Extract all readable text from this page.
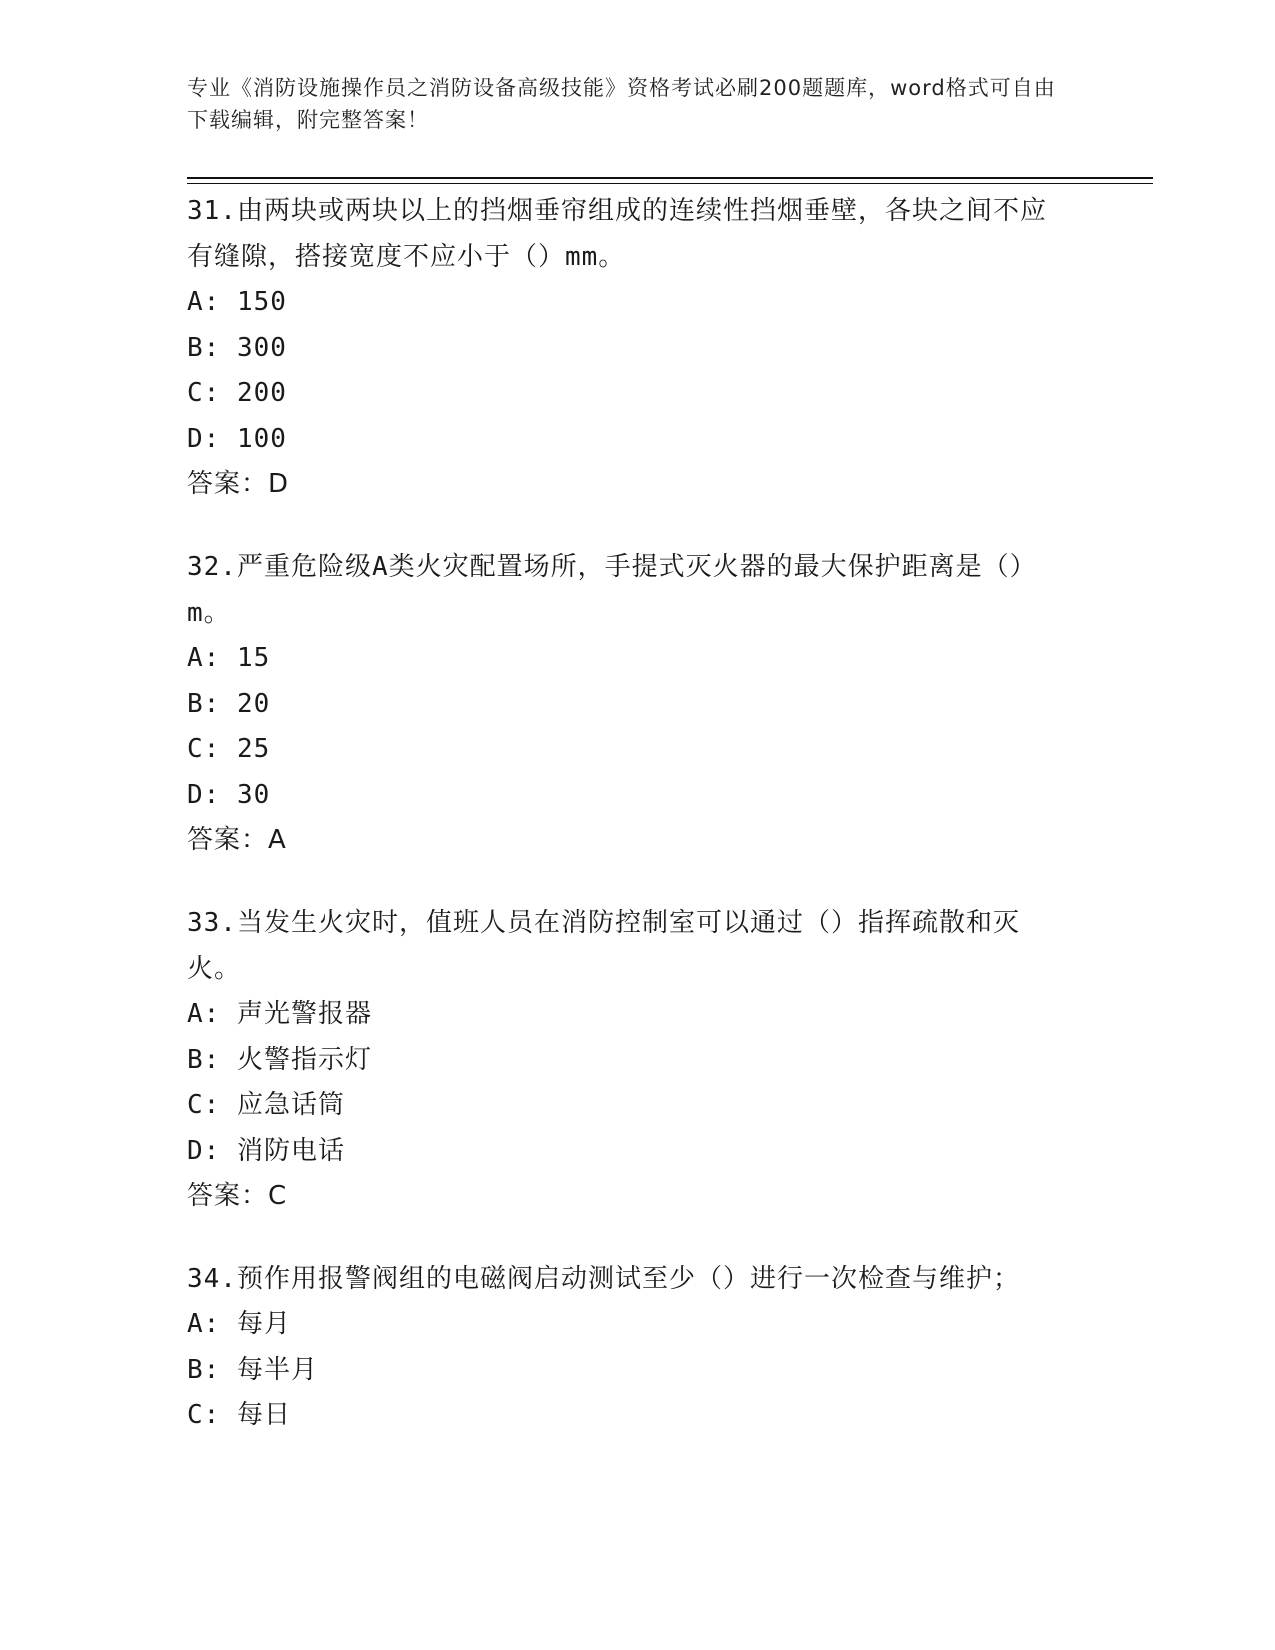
专业《消防设施操作员之消防设备高级技能》资格考试必刷200题题库，word格式可自由下载编辑，附完整答案！

31.由两块或两块以上的挡烟垂帘组成的连续性挡烟垂壁，各块之间不应有缝隙，搭接宽度不应小于（）mm。

A: 150

B: 300

C: 200

D: 100

答案：D

32.严重危险级A类火灾配置场所，手提式灭火器的最大保护距离是（）m。

A: 15

B: 20

C: 25

D: 30

答案：A

33.当发生火灾时，值班人员在消防控制室可以通过（）指挥疏散和灭火。

A: 声光警报器

B: 火警指示灯

C: 应急话筒

D: 消防电话

答案：C

34.预作用报警阀组的电磁阀启动测试至少（）进行一次检查与维护；

A: 每月

B: 每半月

C: 每日
